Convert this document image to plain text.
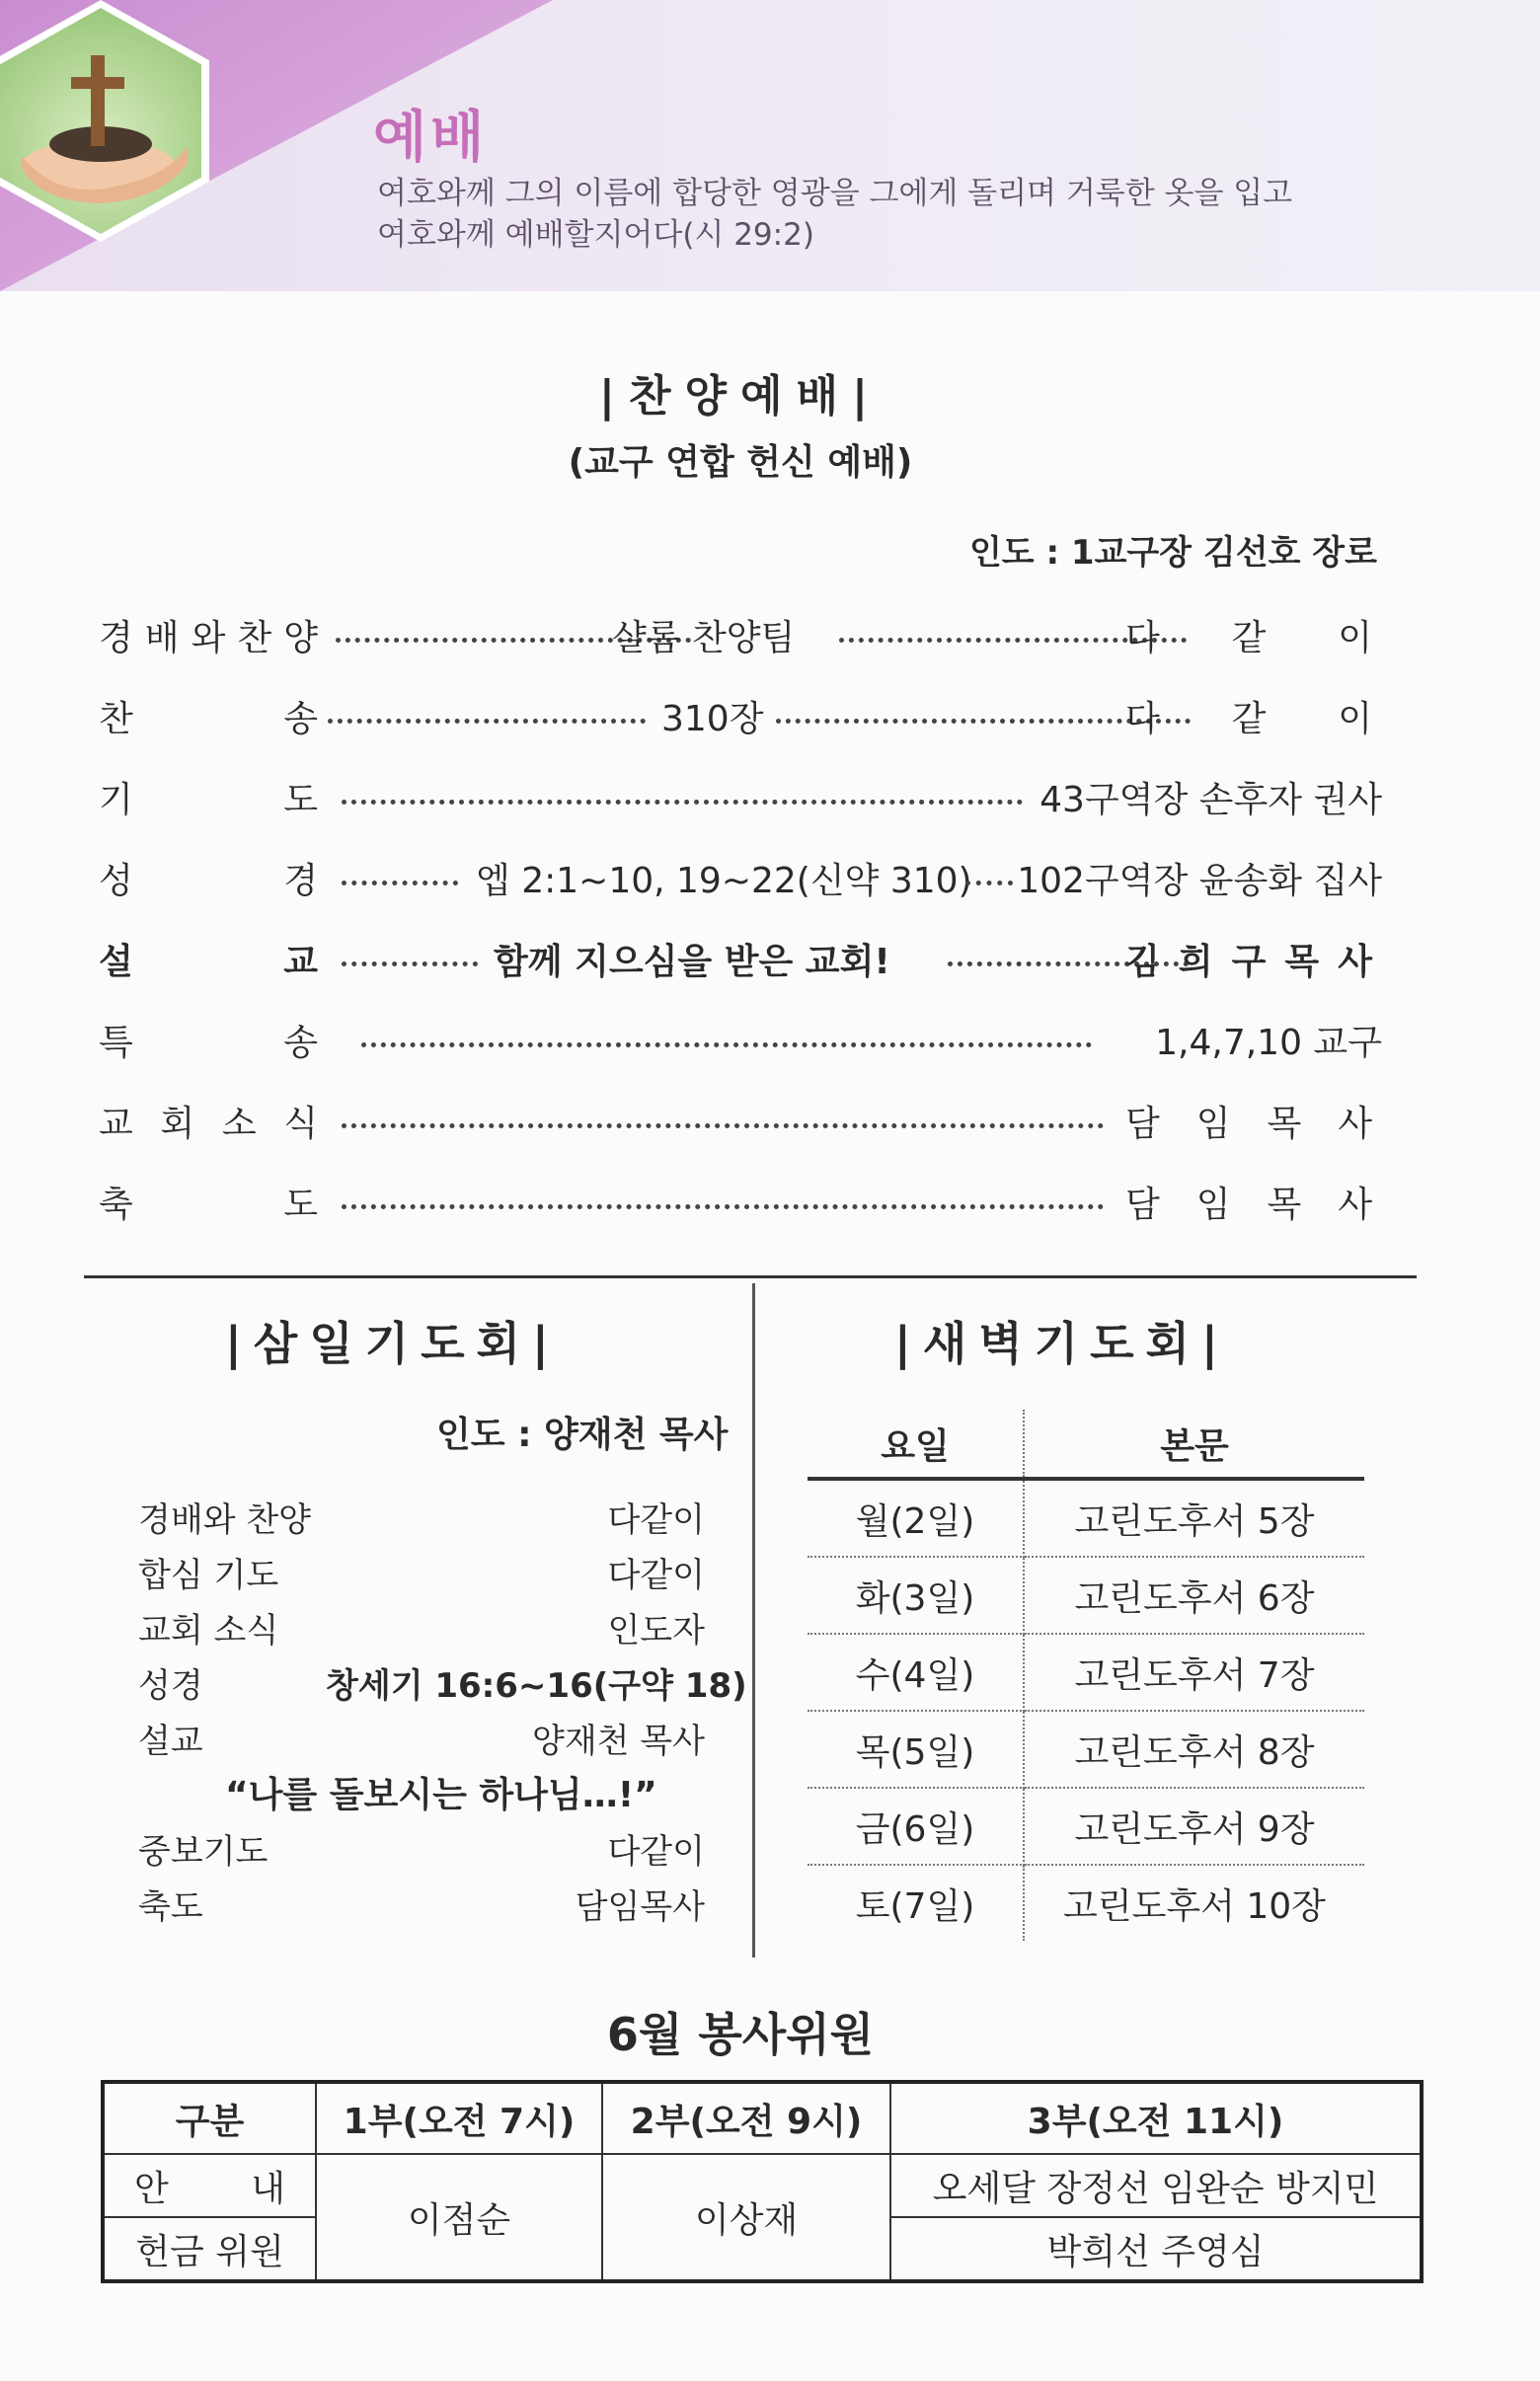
예배
여호와께 그의 이름에 합당한 영광을 그에게 돌리며 거룩한 옷을 입고
여호와께 예배할지어다(시 29:2)
|찬양예배|
(교구 연합 헌신 예배)
인도 : 1교구장 김선호 장로
경 배 와 찬 양	샬롬 찬양팀	다 같 이
찬	송	310장	다 같 이
기	도	43구역장 손후자 권사
성	경	엡 2:1~10, 19~22(신약 310) 102구역장 윤송화 집사
설	교	함께 지으심을 받은 교회!	김 희 구 목 사
특	송	1,4,7,10 교구
교 회 소 식	담 임 목 사
축	도	담 임 목 사
|삼일기도회|
인도 : 양재천 목사
경배와 찬양	다같이
합심 기도	다같이
교회 소식	인도자
성경	창세기 16:6~16(구약 18)
설교	양재천 목사
“나를 돌보시는 하나님…!”
중보기도	다같이
축도	담임목사
|새벽기도회|
요일	본문
월(2일)	고린도후서 5장
화(3일)	고린도후서 6장
수(4일)	고린도후서 7장
목(5일)	고린도후서 8장
금(6일)	고린도후서 9장
토(7일)	고린도후서 10장
6월 봉사위원
구분	1부(오전 7시)	2부(오전 9시)	3부(오전 11시)

안 내	이점순	이상재	오세달 장정선 임완순 방지민
헌금 위원			박희선 주영심
